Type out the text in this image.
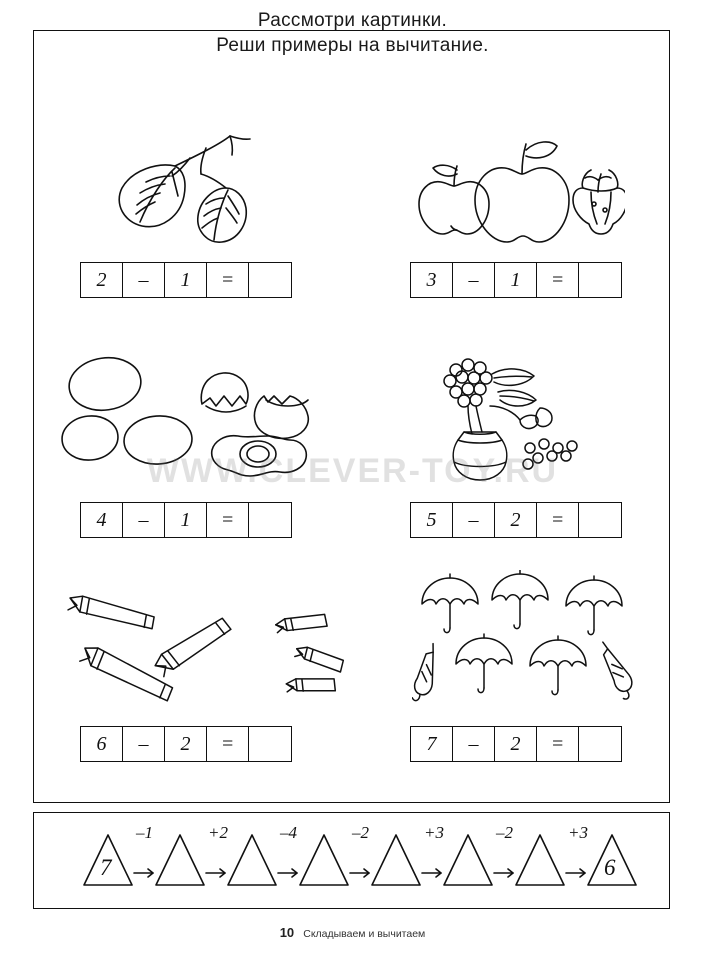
Рассмотри картинки.
Реши примеры на вычитание.
2	–	1	=	3	–	1	=
4	–	1	=	5	–	2	=
6	–	2	=	7	–	2	=
–1	+2	–4	–2	+3	–2	+3
7	6
WWW.CLEVER-TOY.RU
10 Складываем и вычитаем
